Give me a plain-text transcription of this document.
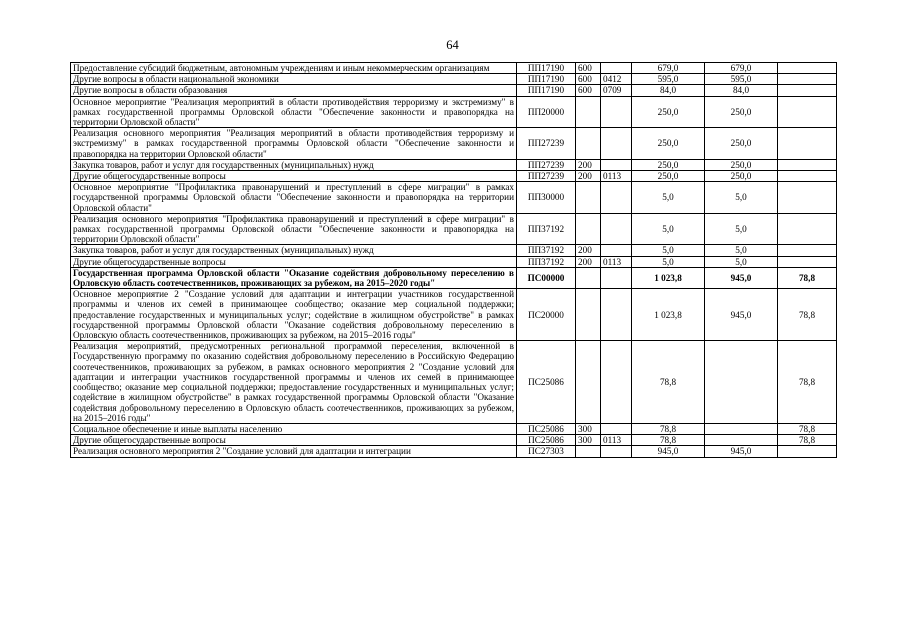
64
Предоставление субсидий бюджетным, автономным учреждениям и иным некоммерческим организациям	ПП17190	600		679,0	679,0	
Другие вопросы в области национальной экономики	ПП17190	600	0412	595,0	595,0	
Другие вопросы в области образования	ПП17190	600	0709	84,0	84,0	
Основное мероприятие "Реализация мероприятий в области противодействия терроризму и экстремизму" в рамках государственной программы Орловской области "Обеспечение законности и правопорядка на территории Орловской области"	ПП20000			250,0	250,0	
Реализация основного мероприятия "Реализация мероприятий в области противодействия терроризму и экстремизму" в рамках государственной программы Орловской области "Обеспечение законности и правопорядка на территории Орловской области"	ПП27239			250,0	250,0	
Закупка товаров, работ и услуг для государственных (муниципальных) нужд	ПП27239	200		250,0	250,0	
Другие общегосударственные вопросы	ПП27239	200	0113	250,0	250,0	
Основное мероприятие "Профилактика правонарушений и преступлений в сфере миграции" в рамках государственной программы Орловской области "Обеспечение законности и правопорядка на территории Орловской области"	ПП30000			5,0	5,0	
Реализация основного мероприятия "Профилактика правонарушений и преступлений в сфере миграции" в рамках государственной программы Орловской области "Обеспечение законности и правопорядка на территории Орловской области"	ПП37192			5,0	5,0	
Закупка товаров, работ и услуг для государственных (муниципальных) нужд	ПП37192	200		5,0	5,0	
Другие общегосударственные вопросы	ПП37192	200	0113	5,0	5,0	
Государственная программа Орловской области "Оказание содействия добровольному переселению в Орловскую область соотечественников, проживающих за рубежом, на 2015–2020 годы"	ПС00000			1 023,8	945,0	78,8
Основное мероприятие 2 "Создание условий для адаптации и интеграции участников государственной программы и членов их семей в принимающее сообщество; оказание мер социальной поддержки; предоставление государственных и муниципальных услуг; содействие в жилищном обустройстве" в рамках государственной программы Орловской области "Оказание содействия добровольному переселению в Орловскую область соотечественников, проживающих за рубежом, на 2015–2016 годы"	ПС20000			1 023,8	945,0	78,8
Реализация мероприятий, предусмотренных региональной программой переселения, включенной в Государственную программу по оказанию содействия добровольному переселению в Российскую Федерацию соотечественников, проживающих за рубежом, в рамках основного мероприятия 2 "Создание условий для адаптации и интеграции участников государственной программы и членов их семей в принимающее сообщество; оказание мер социальной поддержки; предоставление государственных и муниципальных услуг; содействие в жилищном обустройстве" в рамках государственной программы Орловской области "Оказание содействия добровольному переселению в Орловскую область соотечественников, проживающих за рубежом, на 2015–2016 годы"	ПС25086			78,8		78,8
Социальное обеспечение и иные выплаты населению	ПС25086	300		78,8		78,8
Другие общегосударственные вопросы	ПС25086	300	0113	78,8		78,8
Реализация основного мероприятия 2 "Создание условий для адаптации и интеграции	ПС27303			945,0	945,0	
